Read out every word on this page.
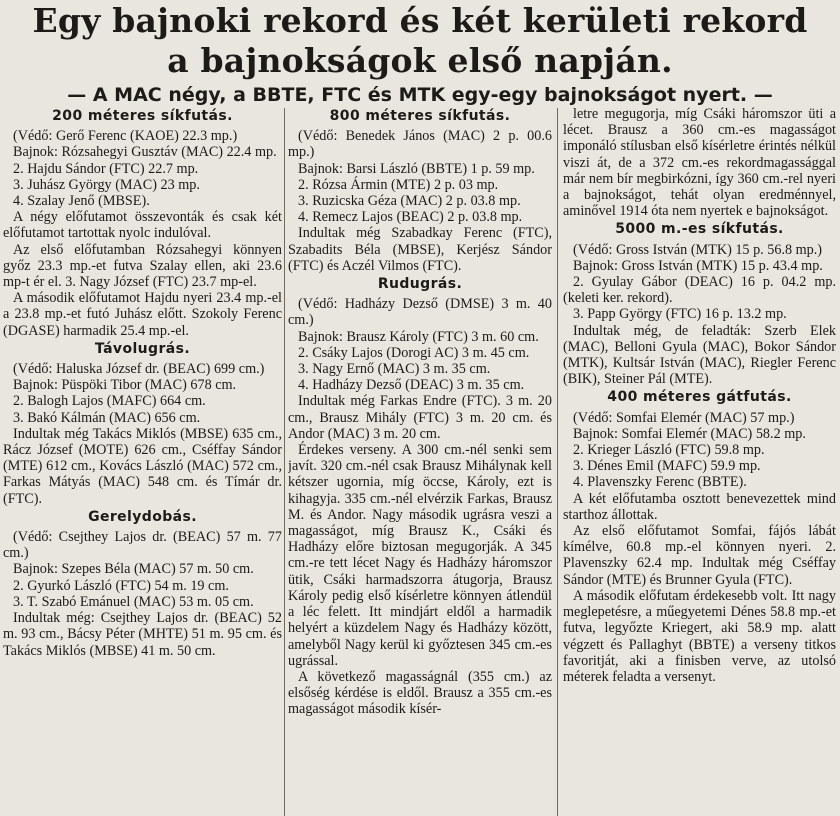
Egy bajnoki rekord és két kerületi rekord
a bajnokságok első napján.
— A MAC négy, a BBTE, FTC és MTK egy-egy bajnokságot nyert. —
200 méteres síkfutás.

(Védő: Gerő Ferenc (KAOE) 22.3 mp.)

Bajnok: Rózsahegyi Gusztáv (MAC) 22.4 mp.

2. Hajdu Sándor (FTC) 22.7 mp.

3. Juhász György (MAC) 23 mp.

4. Szalay Jenő (MBSE).

A négy előfutamot összevonták és csak két előfutamot tartottak nyolc indulóval.

Az első előfutamban Rózsahegyi könnyen győz 23.3 mp.-et futva Szalay ellen, aki 23.6 mp-t ér el. 3. Nagy József (FTC) 23.7 mp-el.

A második előfutamot Hajdu nyeri 23.4 mp.-el a 23.8 mp.-et futó Juhász előtt. Szokoly Ferenc (DGASE) harmadik 25.4 mp.-el.

Távolugrás.

(Védő: Haluska József dr. (BEAC) 699 cm.)

Bajnok: Püspöki Tibor (MAC) 678 cm.

2. Balogh Lajos (MAFC) 664 cm.

3. Bakó Kálmán (MAC) 656 cm.

Indultak még Takács Miklós (MBSE) 635 cm., Rácz József (MOTE) 626 cm., Cséffay Sándor (MTE) 612 cm., Kovács László (MAC) 572 cm., Farkas Mátyás (MAC) 548 cm. és Tímár dr. (FTC).

Gerelydobás.

(Védő: Csejthey Lajos dr. (BEAC) 57 m. 77 cm.)

Bajnok: Szepes Béla (MAC) 57 m. 50 cm.

2. Gyurkó László (FTC) 54 m. 19 cm.

3. T. Szabó Emánuel (MAC) 53 m. 05 cm.

Indultak még: Csejthey Lajos dr. (BEAC) 52 m. 93 cm., Bácsy Péter (MHTE) 51 m. 95 cm. és Takács Miklós (MBSE) 41 m. 50 cm.

800 méteres síkfutás.

(Védő: Benedek János (MAC) 2 p. 00.6 mp.)

Bajnok: Barsi László (BBTE) 1 p. 59 mp.

2. Rózsa Ármin (MTE) 2 p. 03 mp.

3. Ruzicska Géza (MAC) 2 p. 03.8 mp.

4. Remecz Lajos (BEAC) 2 p. 03.8 mp.

Indultak még Szabadkay Ferenc (FTC), Szabadits Béla (MBSE), Kerjész Sándor (FTC) és Aczél Vilmos (FTC).

Rudugrás.

(Védő: Hadházy Dezső (DMSE) 3 m. 40 cm.)

Bajnok: Brausz Károly (FTC) 3 m. 60 cm.

2. Csáky Lajos (Dorogi AC) 3 m. 45 cm.

3. Nagy Ernő (MAC) 3 m. 35 cm.

4. Hadházy Dezső (DEAC) 3 m. 35 cm.

Indultak még Farkas Endre (FTC). 3 m. 20 cm., Brausz Mihály (FTC) 3 m. 20 cm. és Andor (MAC) 3 m. 20 cm.

Érdekes verseny. A 300 cm.-nél senki sem javít. 320 cm.-nél csak Brausz Mihálynak kell kétszer ugornia, míg öccse, Károly, ezt is kihagyja. 335 cm.-nél elvérzik Farkas, Brausz M. és Andor. Nagy második ugrásra veszi a magasságot, míg Brausz K., Csáki és Hadházy előre biztosan megugorják. A 345 cm.-re tett lécet Nagy és Hadházy háromszor ütik, Csáki harmadszorra átugorja, Brausz Károly pedig első kísérletre könnyen átlendül a léc felett. Itt mindjárt eldől a harmadik helyért a küzdelem Nagy és Hadházy között, amelyből Nagy kerül ki győztesen 345 cm.-es ugrással.

A következő magasságnál (355 cm.) az elsőség kérdése is eldől. Brausz a 355 cm.-es magasságot második kísér-

letre megugorja, míg Csáki háromszor üti a lécet. Brausz a 360 cm.-es magasságot imponáló stílusban első kísérletre érintés nélkül viszi át, de a 372 cm.-es rekordmagassággal már nem bír megbirkózni, így 360 cm.-rel nyeri a bajnokságot, tehát olyan eredménnyel, aminővel 1914 óta nem nyertek e bajnokságot.

5000 m.-es síkfutás.

(Védő: Gross István (MTK) 15 p. 56.8 mp.)

Bajnok: Gross István (MTK) 15 p. 43.4 mp.

2. Gyulay Gábor (DEAC) 16 p. 04.2 mp. (keleti ker. rekord).

3. Papp György (FTC) 16 p. 13.2 mp.

Indultak még, de feladták: Szerb Elek (MAC), Belloni Gyula (MAC), Bokor Sándor (MTK), Kultsár István (MAC), Riegler Ferenc (BIK), Steiner Pál (MTE).

400 méteres gátfutás.

(Védő: Somfai Elemér (MAC) 57 mp.)

Bajnok: Somfai Elemér (MAC) 58.2 mp.

2. Krieger László (FTC) 59.8 mp.

3. Dénes Emil (MAFC) 59.9 mp.

4. Plavenszky Ferenc (BBTE).

A két előfutamba osztott benevezettek mind starthoz állottak.

Az első előfutamot Somfai, fájós lábát kímélve, 60.8 mp.-el könnyen nyeri. 2. Plavenszky 62.4 mp. Indultak még Cséffay Sándor (MTE) és Brunner Gyula (FTC).

A második előfutam érdekesebb volt. Itt nagy meglepetésre, a műegyetemi Dénes 58.8 mp.-et futva, legyőzte Kriegert, aki 58.9 mp. alatt végzett és Pallaghyt (BBTE) a verseny titkos favoritját, aki a finisben verve, az utolsó méterek feladta a versenyt.
